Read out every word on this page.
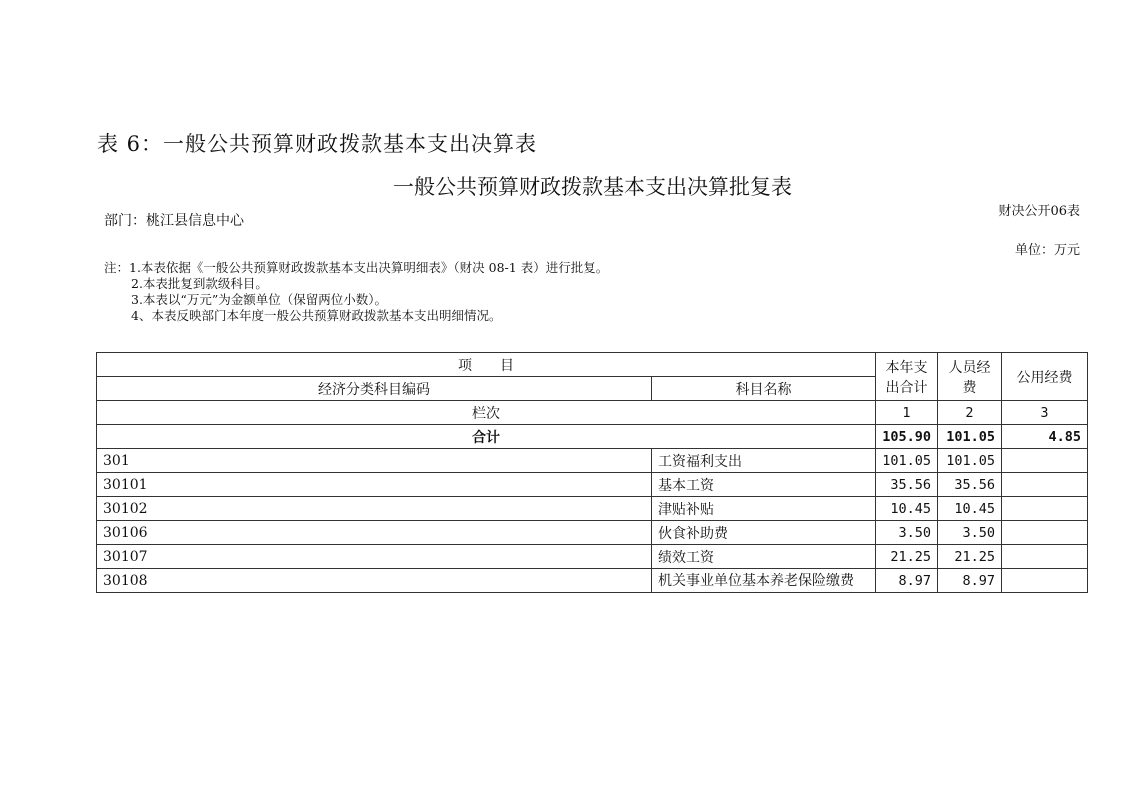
表 6：一般公共预算财政拨款基本支出决算表
一般公共预算财政拨款基本支出决算批复表
部门：桃江县信息中心
财决公开06表
单位：万元
注：1.本表依据《一般公共预算财政拨款基本支出决算明细表》（财决 08-1 表）进行批复。
2.本表批复到款级科目。
3.本表以“万元”为金额单位（保留两位小数）。
4、本表反映部门本年度一般公共预算财政拨款基本支出明细情况。
项　　目		本年支出合计	人员经费	公用经费
经济分类科目编码	科目名称			
栏次		1	2	3
合计		105.90	101.05	4.85
301	工资福利支出	101.05	101.05	
30101	基本工资	35.56	35.56	
30102	津贴补贴	10.45	10.45	
30106	伙食补助费	3.50	3.50	
30107	绩效工资	21.25	21.25	
30108	机关事业单位基本养老保险缴费	8.97	8.97	
